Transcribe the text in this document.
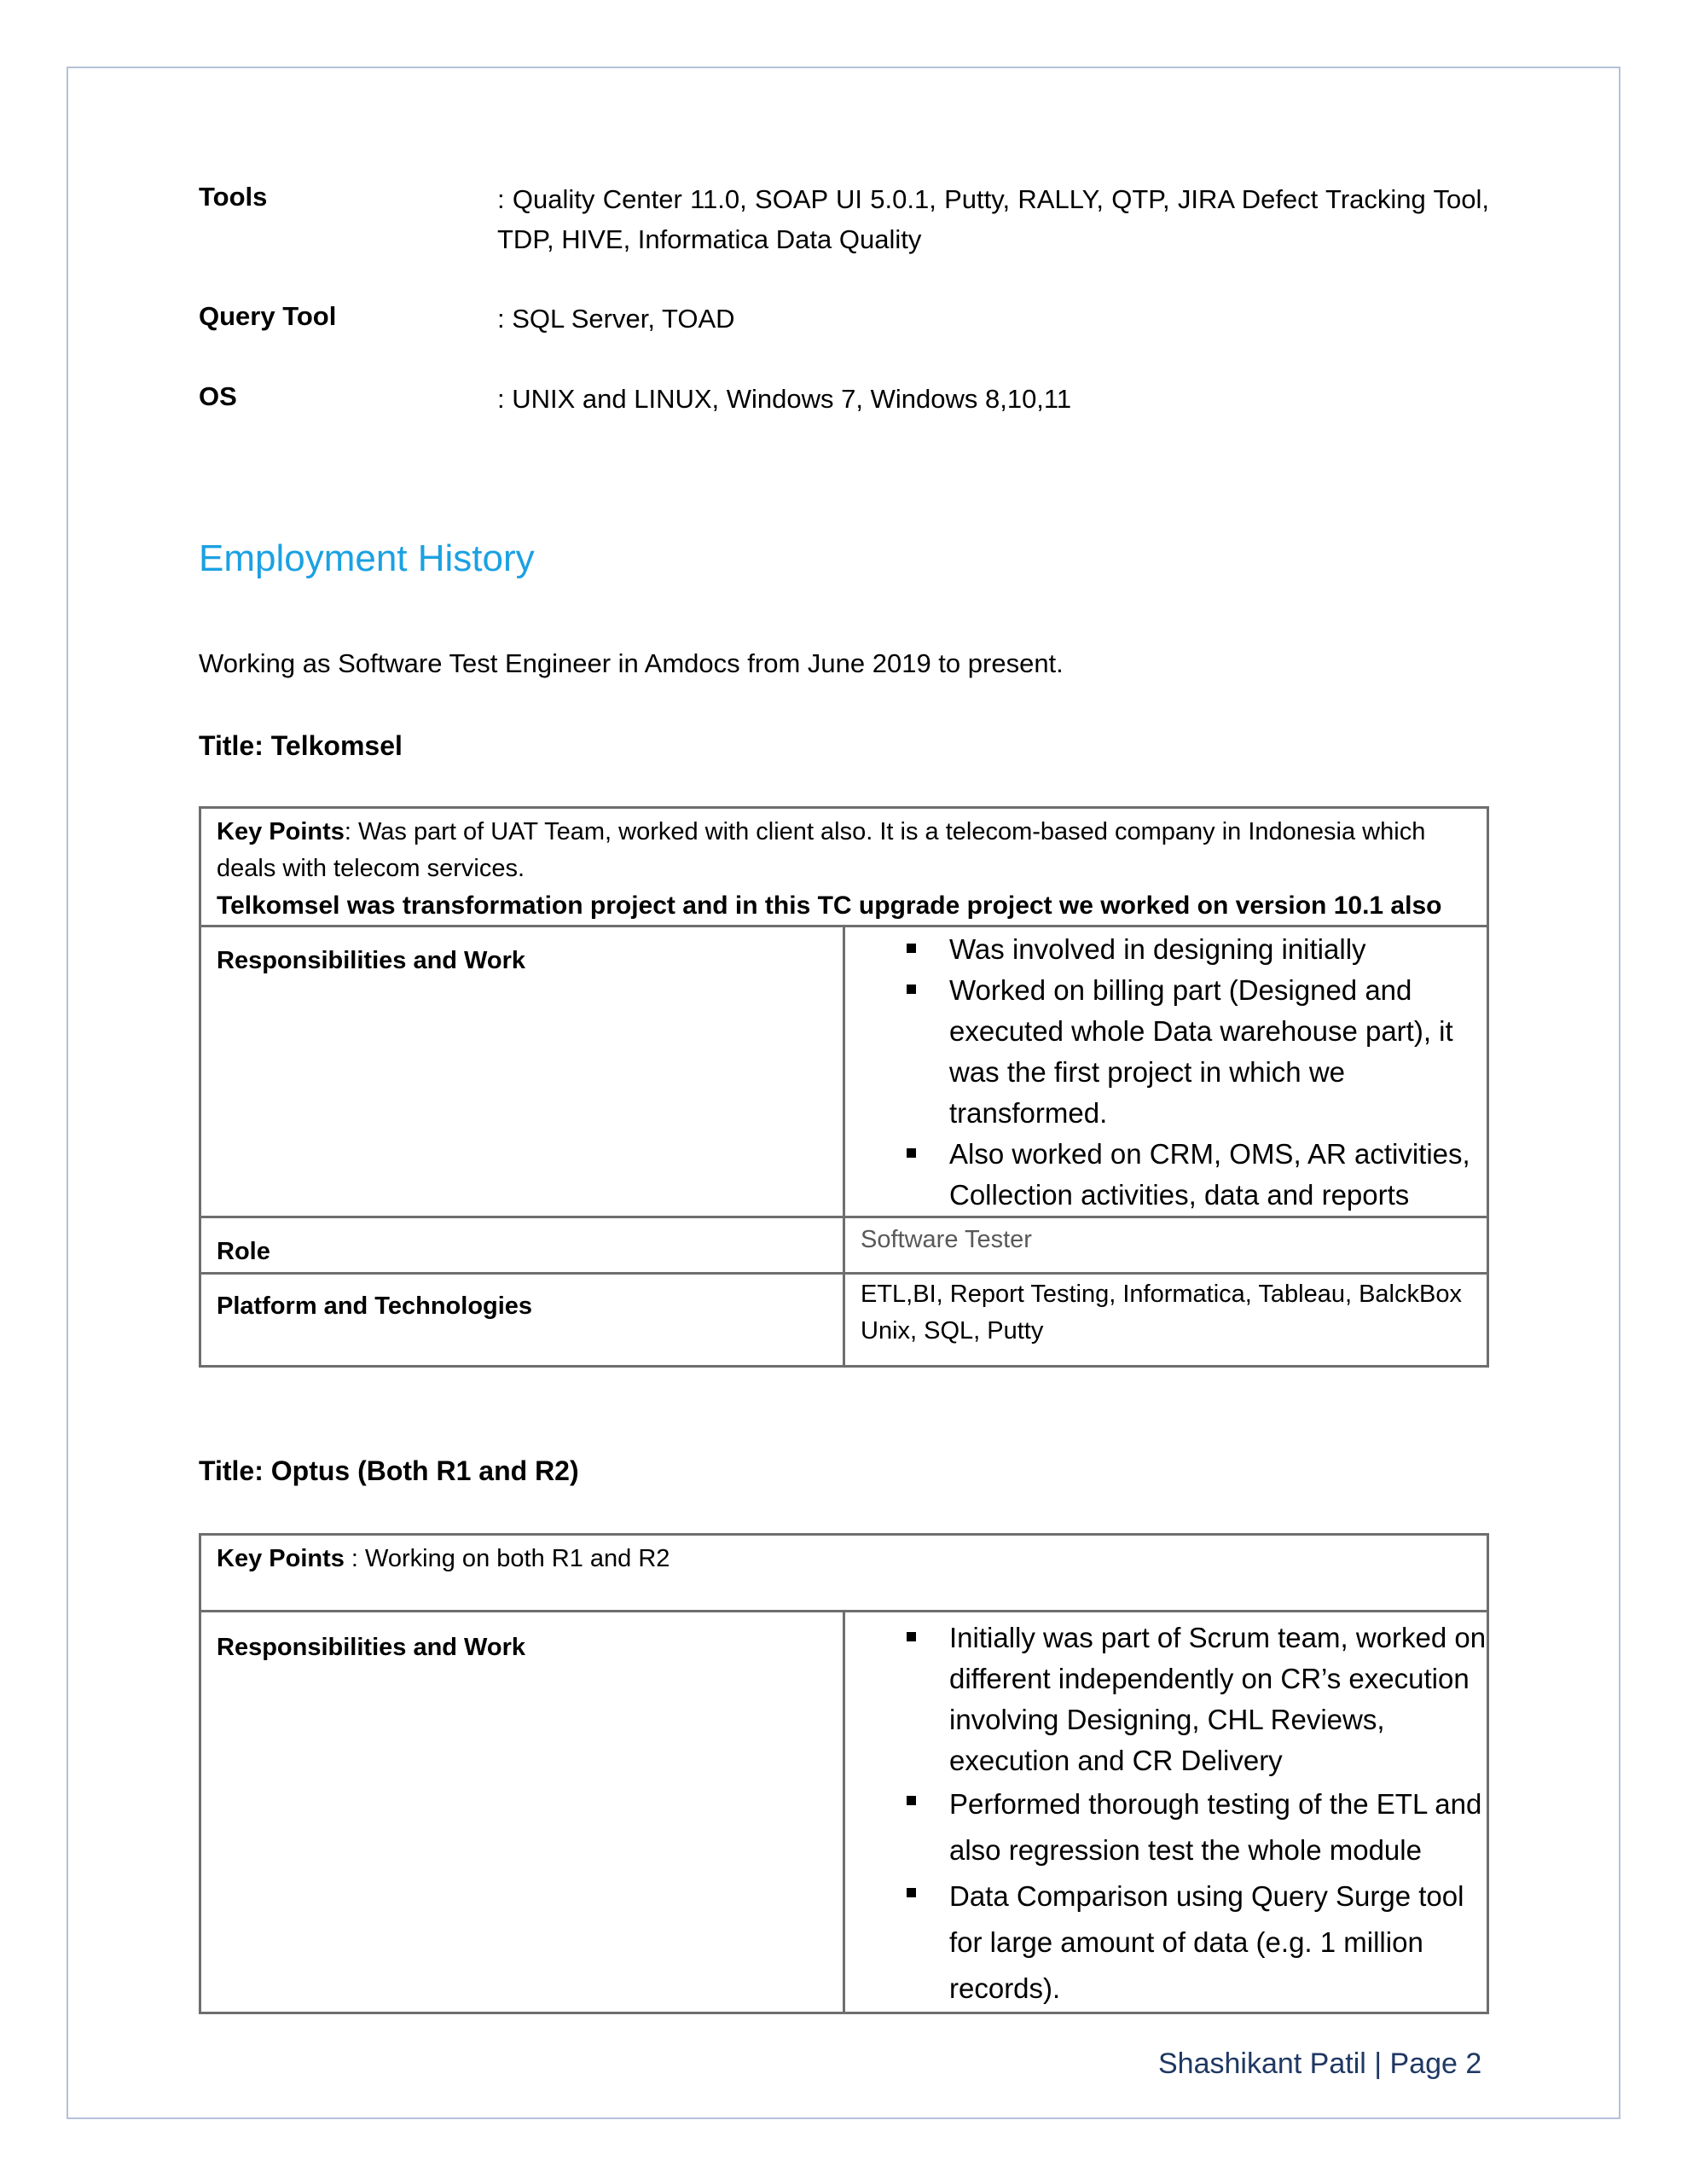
Tools	: Quality Center 11.0, SOAP UI 5.0.1, Putty, RALLY, QTP, JIRA Defect Tracking Tool, TDP, HIVE, Informatica Data Quality
Query Tool	: SQL Server, TOAD
OS	: UNIX and LINUX, Windows 7, Windows 8,10,11
Employment History
Working as Software Test Engineer in Amdocs from June 2019 to present.
Title: Telkomsel
Key Points: Was part of UAT Team, worked with client also. It is a telecom-based company in Indonesia which deals with telecom services.
Telkomsel was transformation project and in this TC upgrade project we worked on version 10.1 also	
Responsibilities and Work	Was involved in designing initially
Worked on billing part (Designed and executed whole Data warehouse part), it was the first project in which we transformed.
Also worked on CRM, OMS, AR activities, Collection activities, data and reports

Role	Software Tester
Platform and Technologies	ETL,BI, Report Testing, Informatica, Tableau, BalckBox Unix, SQL, Putty
Title: Optus (Both R1 and R2)
Key Points : Working on both R1 and R2
Responsibilities and Work	Initially was part of Scrum team, worked on different independently on CR’s execution involving Designing, CHL Reviews, execution and CR Delivery
Performed thorough testing of the ETL and also regression test the whole module
Data Comparison using Query Surge tool for large amount of data (e.g. 1 million records).
Shashikant Patil | Page 2
